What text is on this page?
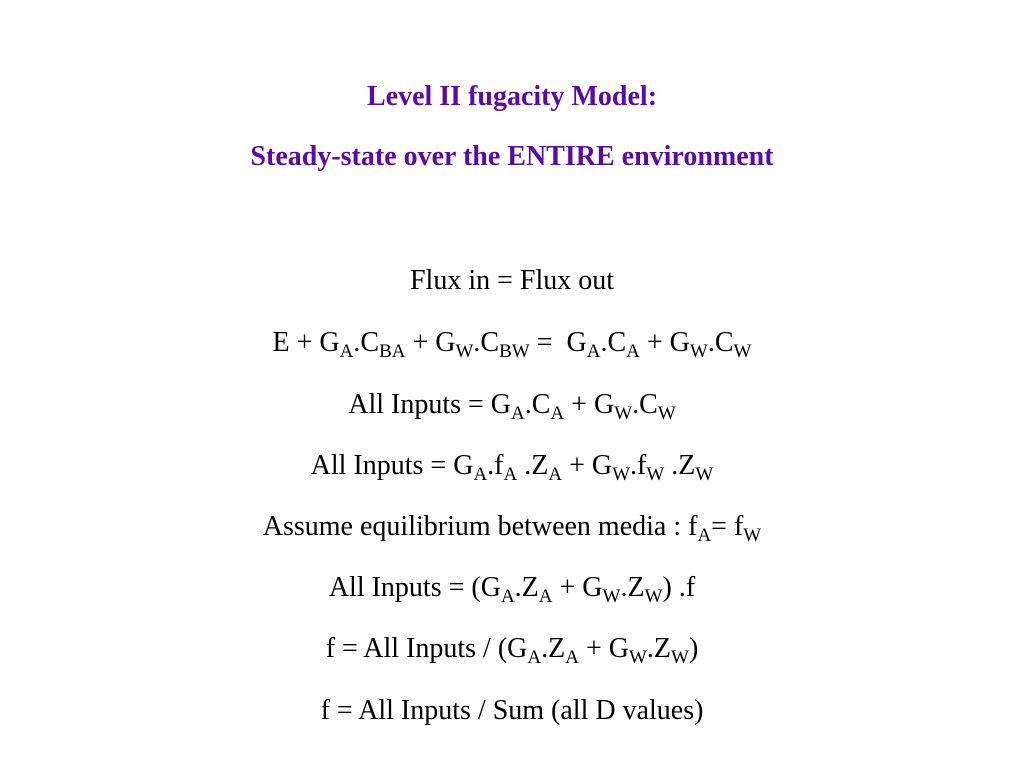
Level II fugacity Model:
Steady-state over the ENTIRE environment
Flux in = Flux out
$E + G_A.C_{BA} + G_W.C_{BW} = G_A.C_A + G_W.C_W$
All Inputs = $G_A.C_A + G_W.C_W$
All Inputs = $G_A.f_A$ $.Z_A + G_W.f_W$ $.Z_W$
Assume equilibrium between media : $f_A= f_W$
All Inputs = $(G_A.Z_A + G_W.Z_W)$ .f
f = All Inputs / $(G_A.Z_A + G_W.Z_W)$
f = All Inputs / Sum (all D values)
